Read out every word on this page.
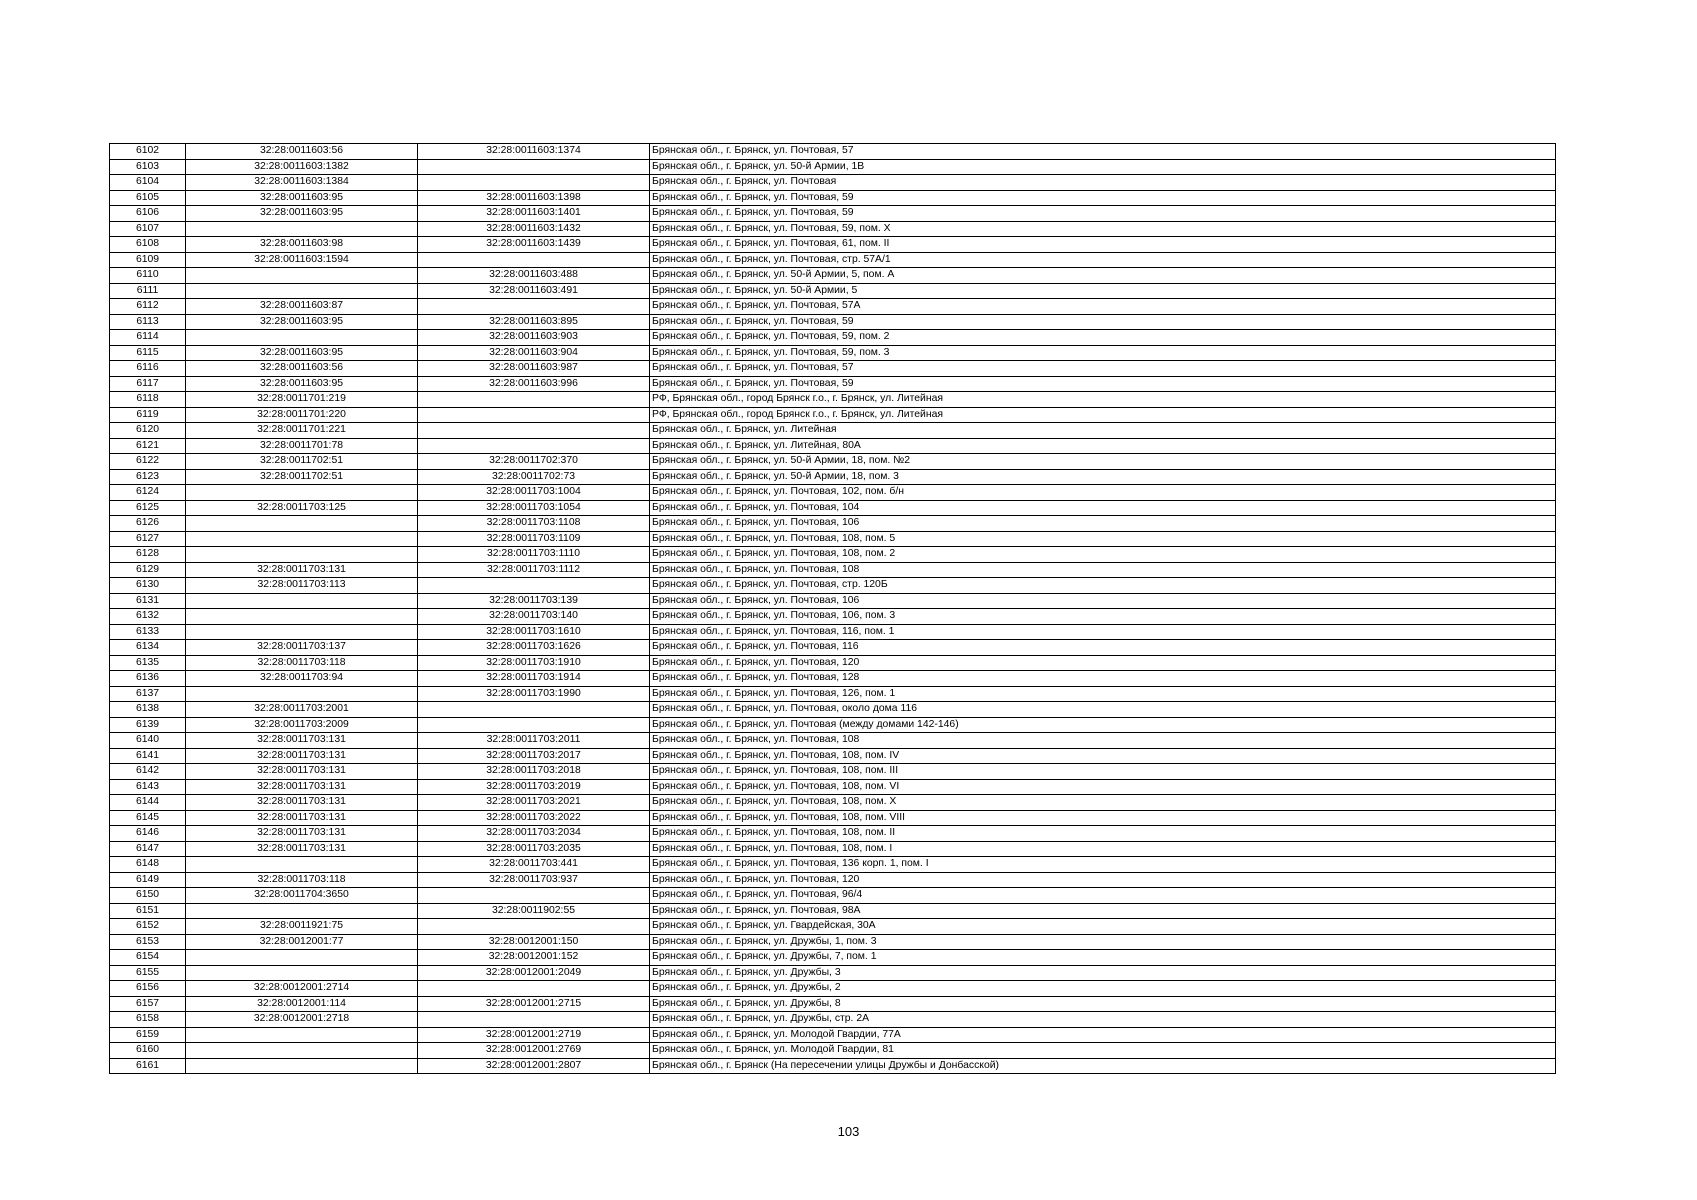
6102	32:28:0011603:56	32:28:0011603:1374	Брянская обл., г. Брянск, ул. Почтовая, 57
6103	32:28:0011603:1382		Брянская обл., г. Брянск, ул. 50-й Армии, 1В
6104	32:28:0011603:1384		Брянская обл., г. Брянск, ул. Почтовая
6105	32:28:0011603:95	32:28:0011603:1398	Брянская обл., г. Брянск, ул. Почтовая, 59
6106	32:28:0011603:95	32:28:0011603:1401	Брянская обл., г. Брянск, ул. Почтовая, 59
6107		32:28:0011603:1432	Брянская обл., г. Брянск, ул. Почтовая, 59, пом. X
6108	32:28:0011603:98	32:28:0011603:1439	Брянская обл., г. Брянск, ул. Почтовая, 61, пом. II
6109	32:28:0011603:1594		Брянская обл., г. Брянск, ул. Почтовая, стр. 57А/1
6110		32:28:0011603:488	Брянская обл., г. Брянск, ул. 50-й Армии, 5, пом. А
6111		32:28:0011603:491	Брянская обл., г. Брянск, ул. 50-й Армии, 5
6112	32:28:0011603:87		Брянская обл., г. Брянск, ул. Почтовая, 57А
6113	32:28:0011603:95	32:28:0011603:895	Брянская обл., г. Брянск, ул. Почтовая, 59
6114		32:28:0011603:903	Брянская обл., г. Брянск, ул. Почтовая, 59, пом. 2
6115	32:28:0011603:95	32:28:0011603:904	Брянская обл., г. Брянск, ул. Почтовая, 59, пом. 3
6116	32:28:0011603:56	32:28:0011603:987	Брянская обл., г. Брянск, ул. Почтовая, 57
6117	32:28:0011603:95	32:28:0011603:996	Брянская обл., г. Брянск, ул. Почтовая, 59
6118	32:28:0011701:219		РФ, Брянская обл., город Брянск г.о., г. Брянск, ул. Литейная
6119	32:28:0011701:220		РФ, Брянская обл., город Брянск г.о., г. Брянск, ул. Литейная
6120	32:28:0011701:221		Брянская обл., г. Брянск, ул. Литейная
6121	32:28:0011701:78		Брянская обл., г. Брянск, ул. Литейная, 80А
6122	32:28:0011702:51	32:28:0011702:370	Брянская обл., г. Брянск, ул. 50-й Армии, 18, пом. №2
6123	32:28:0011702:51	32:28:0011702:73	Брянская обл., г. Брянск, ул. 50-й Армии, 18, пом. 3
6124		32:28:0011703:1004	Брянская обл., г. Брянск, ул. Почтовая, 102, пом. б/н
6125	32:28:0011703:125	32:28:0011703:1054	Брянская обл., г. Брянск, ул. Почтовая, 104
6126		32:28:0011703:1108	Брянская обл., г. Брянск, ул. Почтовая, 106
6127		32:28:0011703:1109	Брянская обл., г. Брянск, ул. Почтовая, 108, пом. 5
6128		32:28:0011703:1110	Брянская обл., г. Брянск, ул. Почтовая, 108, пом. 2
6129	32:28:0011703:131	32:28:0011703:1112	Брянская обл., г. Брянск, ул. Почтовая, 108
6130	32:28:0011703:113		Брянская обл., г. Брянск, ул. Почтовая, стр. 120Б
6131		32:28:0011703:139	Брянская обл., г. Брянск, ул. Почтовая, 106
6132		32:28:0011703:140	Брянская обл., г. Брянск, ул. Почтовая, 106, пом. 3
6133		32:28:0011703:1610	Брянская обл., г. Брянск, ул. Почтовая, 116, пом. 1
6134	32:28:0011703:137	32:28:0011703:1626	Брянская обл., г. Брянск, ул. Почтовая, 116
6135	32:28:0011703:118	32:28:0011703:1910	Брянская обл., г. Брянск, ул. Почтовая, 120
6136	32:28:0011703:94	32:28:0011703:1914	Брянская обл., г. Брянск, ул. Почтовая, 128
6137		32:28:0011703:1990	Брянская обл., г. Брянск, ул. Почтовая, 126, пом. 1
6138	32:28:0011703:2001		Брянская обл., г. Брянск, ул. Почтовая, около дома 116
6139	32:28:0011703:2009		Брянская обл., г. Брянск, ул. Почтовая (между домами 142-146)
6140	32:28:0011703:131	32:28:0011703:2011	Брянская обл., г. Брянск, ул. Почтовая, 108
6141	32:28:0011703:131	32:28:0011703:2017	Брянская обл., г. Брянск, ул. Почтовая, 108, пом. IV
6142	32:28:0011703:131	32:28:0011703:2018	Брянская обл., г. Брянск, ул. Почтовая, 108, пом. III
6143	32:28:0011703:131	32:28:0011703:2019	Брянская обл., г. Брянск, ул. Почтовая, 108, пом. VI
6144	32:28:0011703:131	32:28:0011703:2021	Брянская обл., г. Брянск, ул. Почтовая, 108, пом. X
6145	32:28:0011703:131	32:28:0011703:2022	Брянская обл., г. Брянск, ул. Почтовая, 108, пом. VIII
6146	32:28:0011703:131	32:28:0011703:2034	Брянская обл., г. Брянск, ул. Почтовая, 108, пом. II
6147	32:28:0011703:131	32:28:0011703:2035	Брянская обл., г. Брянск, ул. Почтовая, 108, пом. I
6148		32:28:0011703:441	Брянская обл., г. Брянск, ул. Почтовая, 136 корп. 1, пом. I
6149	32:28:0011703:118	32:28:0011703:937	Брянская обл., г. Брянск, ул. Почтовая, 120
6150	32:28:0011704:3650		Брянская обл., г. Брянск, ул. Почтовая, 96/4
6151		32:28:0011902:55	Брянская обл., г. Брянск, ул. Почтовая, 98А
6152	32:28:0011921:75		Брянская обл., г. Брянск, ул. Гвардейская, 30А
6153	32:28:0012001:77	32:28:0012001:150	Брянская обл., г. Брянск, ул. Дружбы, 1, пом. 3
6154		32:28:0012001:152	Брянская обл., г. Брянск, ул. Дружбы, 7, пом. 1
6155		32:28:0012001:2049	Брянская обл., г. Брянск, ул. Дружбы, 3
6156	32:28:0012001:2714		Брянская обл., г. Брянск, ул. Дружбы, 2
6157	32:28:0012001:114	32:28:0012001:2715	Брянская обл., г. Брянск, ул. Дружбы, 8
6158	32:28:0012001:2718		Брянская обл., г. Брянск, ул. Дружбы, стр. 2А
6159		32:28:0012001:2719	Брянская обл., г. Брянск, ул. Молодой Гвардии, 77А
6160		32:28:0012001:2769	Брянская обл., г. Брянск, ул. Молодой Гвардии, 81
6161		32:28:0012001:2807	Брянская обл., г. Брянск (На пересечении улицы Дружбы и Донбасской)
103
